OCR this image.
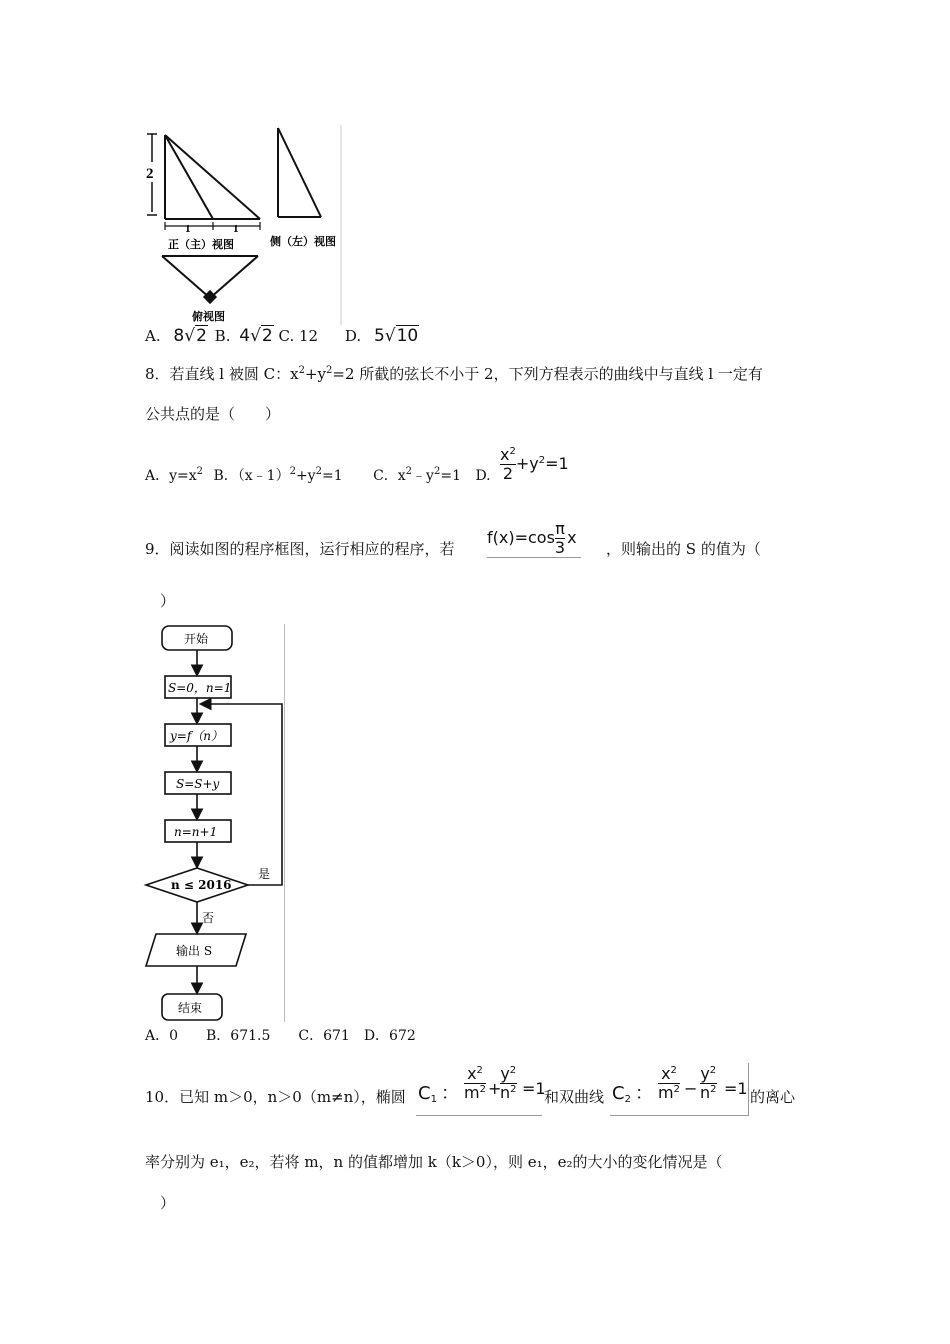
2
1	1
正（主）视图	侧（左）视图
俯视图
A. 8√2 B. 4√2 C. 12 D. 5√10
8．若直线 l 被圆 C：$x^2+y^2=2$ 所截的弦长不小于 2，下列方程表示的曲线中与直线 l 一定有
公共点的是（　　）
A．$y=x^2$ B．$(x﹣1)^2+y^2=1$ C．$x^2﹣y^2=1$ D. $\frac{x^2}{2} +y^2=1$
9．阅读如图的程序框图，运行相应的程序，若
$f(x)=\cos \frac{\pi}{3}$ x
，则输出的 S 的值为（
）
开始
S=0，n=1
y=f（n）
S=S+y
n=n+1
n ≤ 2016
是
否
输出 S
结束
A．0　　B．671.5　　C．671　D．672
10．已知 m＞0，n＞0（m≠n），椭圆 $C_1$ ： $\frac{x^2}{m^2}$ +
$\frac{y^2}{n^2} =1$
和双曲线 $C_2$ ： $\frac{x^2}{m^2} - \frac{y^2}{n^2} =1$ 的离心
率分别为 e₁，e₂，若将 m，n 的值都增加 k（k＞0），则 e₁，e₂的大小的变化情况是（
）
